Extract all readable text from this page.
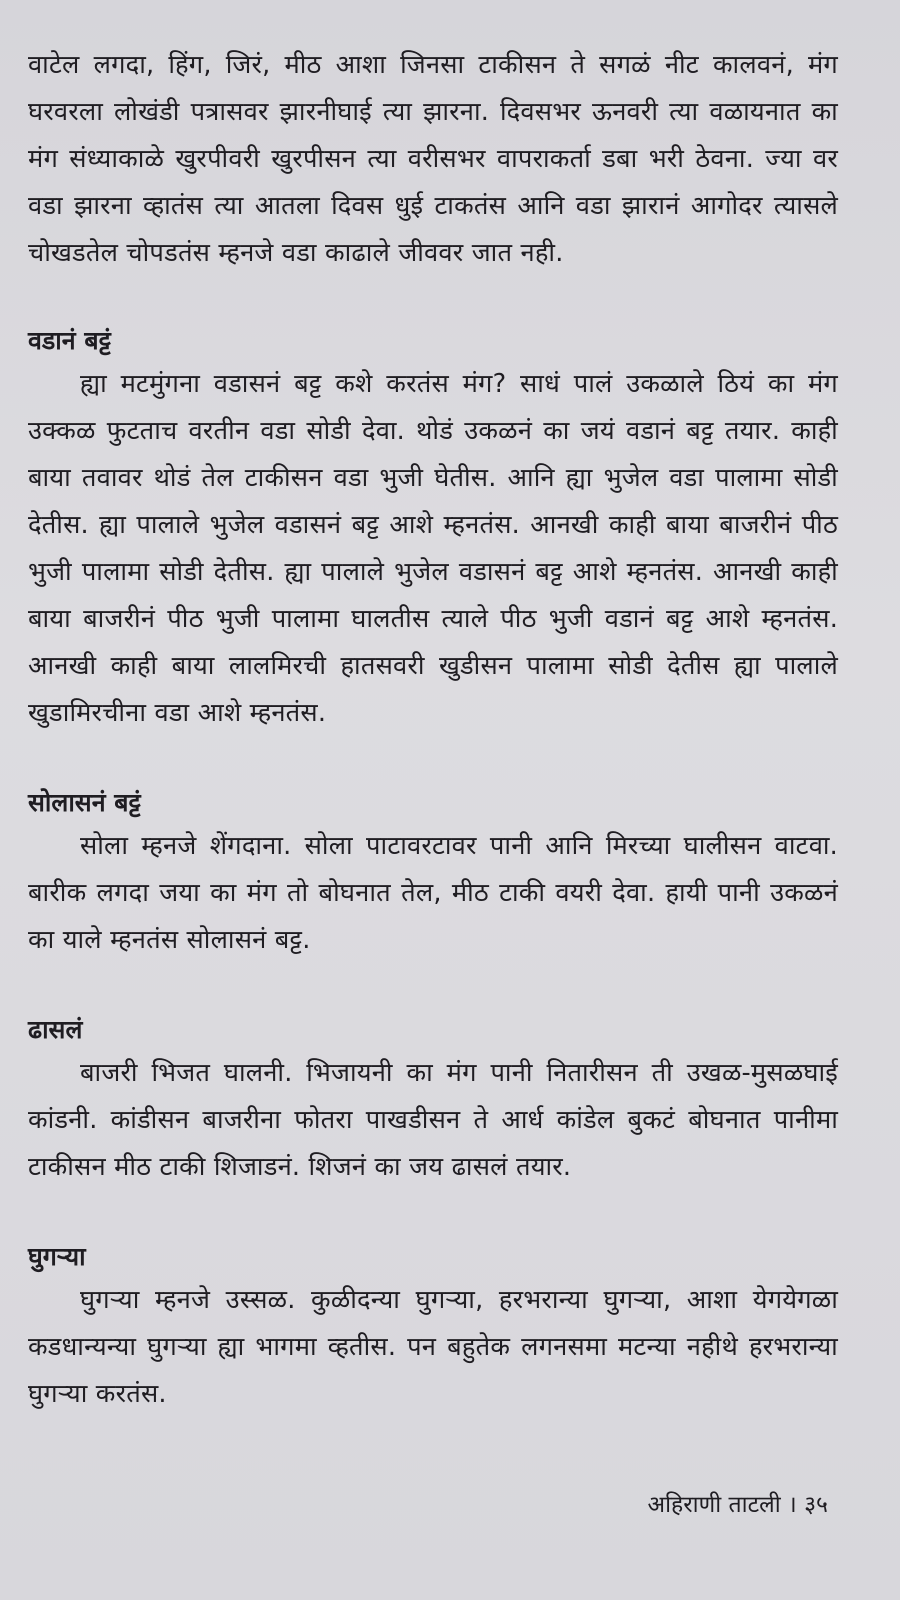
वाटेल लगदा, हिंग, जिरं, मीठ आशा जिनसा टाकीसन ते सगळं नीट कालवनं, मंग घरवरला लोखंडी पत्रासवर झारनीघाई त्या झारना. दिवसभर ऊनवरी त्या वळायनात का मंग संध्याकाळे खुरपीवरी खुरपीसन त्या वरीसभर वापराकर्ता डबा भरी ठेवना. ज्या वर वडा झारना व्हातंस त्या आतला दिवस धुई टाकतंस आनि वडा झारानं आगोदर त्यासले चोखडतेल चोपडतंस म्हनजे वडा काढाले जीववर जात नही.

वडानं बट्टं

ह्या मटमुंगना वडासनं बट्ट कशे करतंस मंग? साधं पालं उकळाले ठियं का मंग उक्कळ फुटताच वरतीन वडा सोडी देवा. थोडं उकळनं का जयं वडानं बट्ट तयार. काही बाया तवावर थोडं तेल टाकीसन वडा भुजी घेतीस. आनि ह्या भुजेल वडा पालामा सोडी देतीस. ह्या पालाले भुजेल वडासनं बट्ट आशे म्हनतंस. आनखी काही बाया बाजरीनं पीठ भुजी पालामा सोडी देतीस. ह्या पालाले भुजेल वडासनं बट्ट आशे म्हनतंस. आनखी काही बाया बाजरीनं पीठ भुजी पालामा घालतीस त्याले पीठ भुजी वडानं बट्ट आशे म्हनतंस. आनखी काही बाया लालमिरची हातसवरी खुडीसन पालामा सोडी देतीस ह्या पालाले खुडामिरचीना वडा आशे म्हनतंस.

सोलासनं बट्टं

सोला म्हनजे शेंगदाना. सोला पाटावरटावर पानी आनि मिरच्या घालीसन वाटवा. बारीक लगदा जया का मंग तो बोघनात तेल, मीठ टाकी वयरी देवा. हायी पानी उकळनं का याले म्हनतंस सोलासनं बट्ट.

ढासलं

बाजरी भिजत घालनी. भिजायनी का मंग पानी नितारीसन ती उखळ-मुसळघाई कांडनी. कांडीसन बाजरीना फोतरा पाखडीसन ते आर्ध कांडेल बुकटं बोघनात पानीमा टाकीसन मीठ टाकी शिजाडनं. शिजनं का जय ढासलं तयार.

घुगऱ्या

घुगऱ्या म्हनजे उस्सळ. कुळीदन्या घुगऱ्या, हरभरान्या घुगऱ्या, आशा येगयेगळा कडधान्यन्या घुगऱ्या ह्या भागमा व्हतीस. पन बहुतेक लगनसमा मटन्या नहीथे हरभरान्या घुगऱ्या करतंस.

अहिराणी ताटली । ३५
